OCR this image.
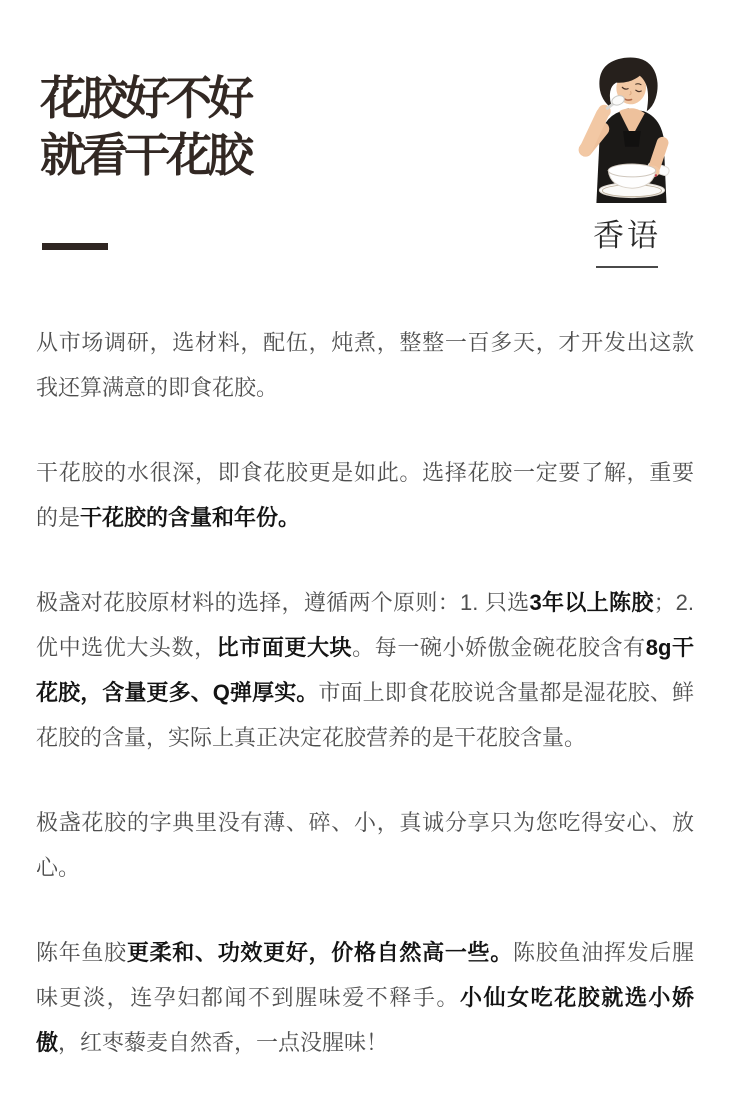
花胶好不好
就看干花胶
香语

从市场调研，选材料，配伍，炖煮，整整一百多天，才开发出这款我还算满意的即食花胶。

干花胶的水很深，即食花胶更是如此。选择花胶一定要了解，重要的是干花胶的含量和年份。

极盏对花胶原材料的选择，遵循两个原则：1. 只选3年以上陈胶；2. 优中选优大头数，比市面更大块。每一碗小娇傲金碗花胶含有8g干花胶，含量更多、Q弹厚实。市面上即食花胶说含量都是湿花胶、鲜花胶的含量，实际上真正决定花胶营养的是干花胶含量。

极盏花胶的字典里没有薄、碎、小，真诚分享只为您吃得安心、放心。

陈年鱼胶更柔和、功效更好，价格自然高一些。陈胶鱼油挥发后腥味更淡，连孕妇都闻不到腥味爱不释手。小仙女吃花胶就选小娇傲，红枣藜麦自然香，一点没腥味！
